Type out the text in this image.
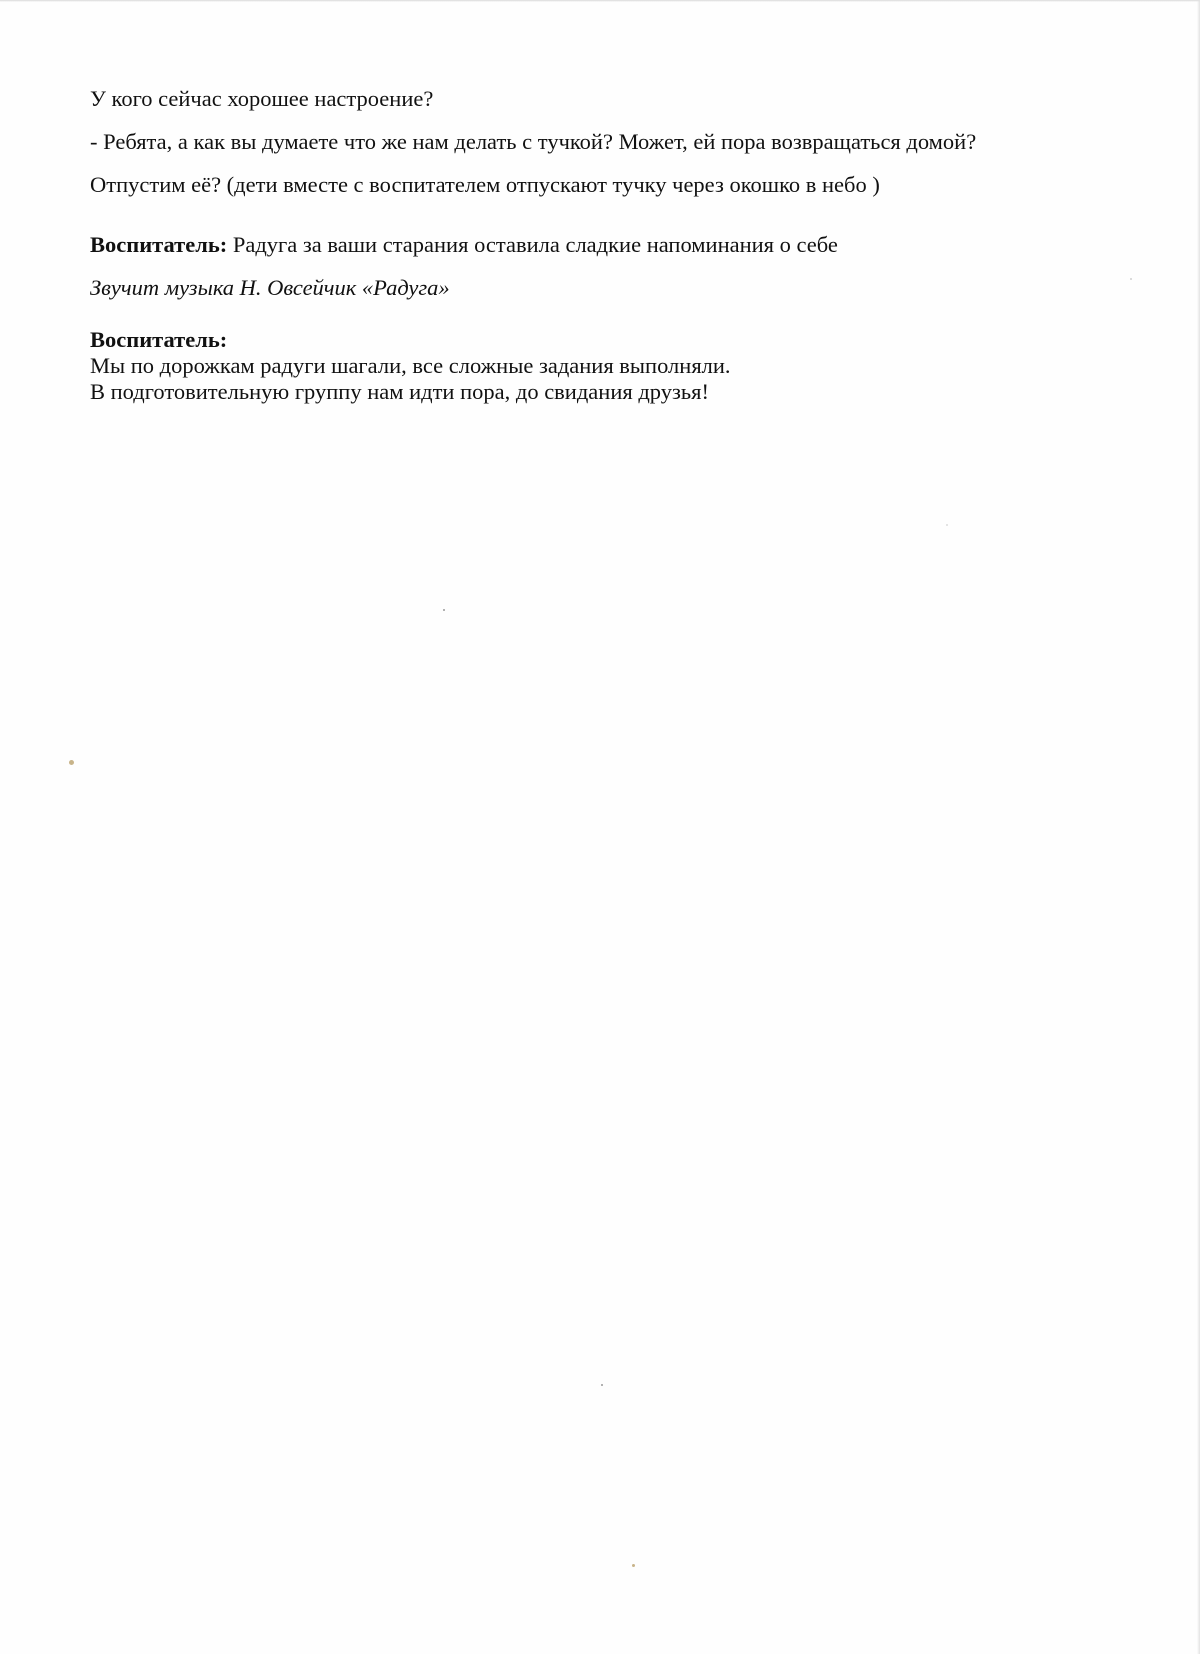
У кого сейчас хорошее настроение?

- Ребята, а как вы думаете что же нам делать с тучкой? Может, ей пора возвращаться домой?

Отпустим её? (дети вместе с воспитателем отпускают тучку через окошко в небо )

Воспитатель: Радуга за ваши старания оставила сладкие напоминания о себе

Звучит музыка Н. Овсейчик «Радуга»

Воспитатель:

Мы по дорожкам радуги шагали, все сложные задания выполняли.

В подготовительную группу нам идти пора, до свидания друзья!
